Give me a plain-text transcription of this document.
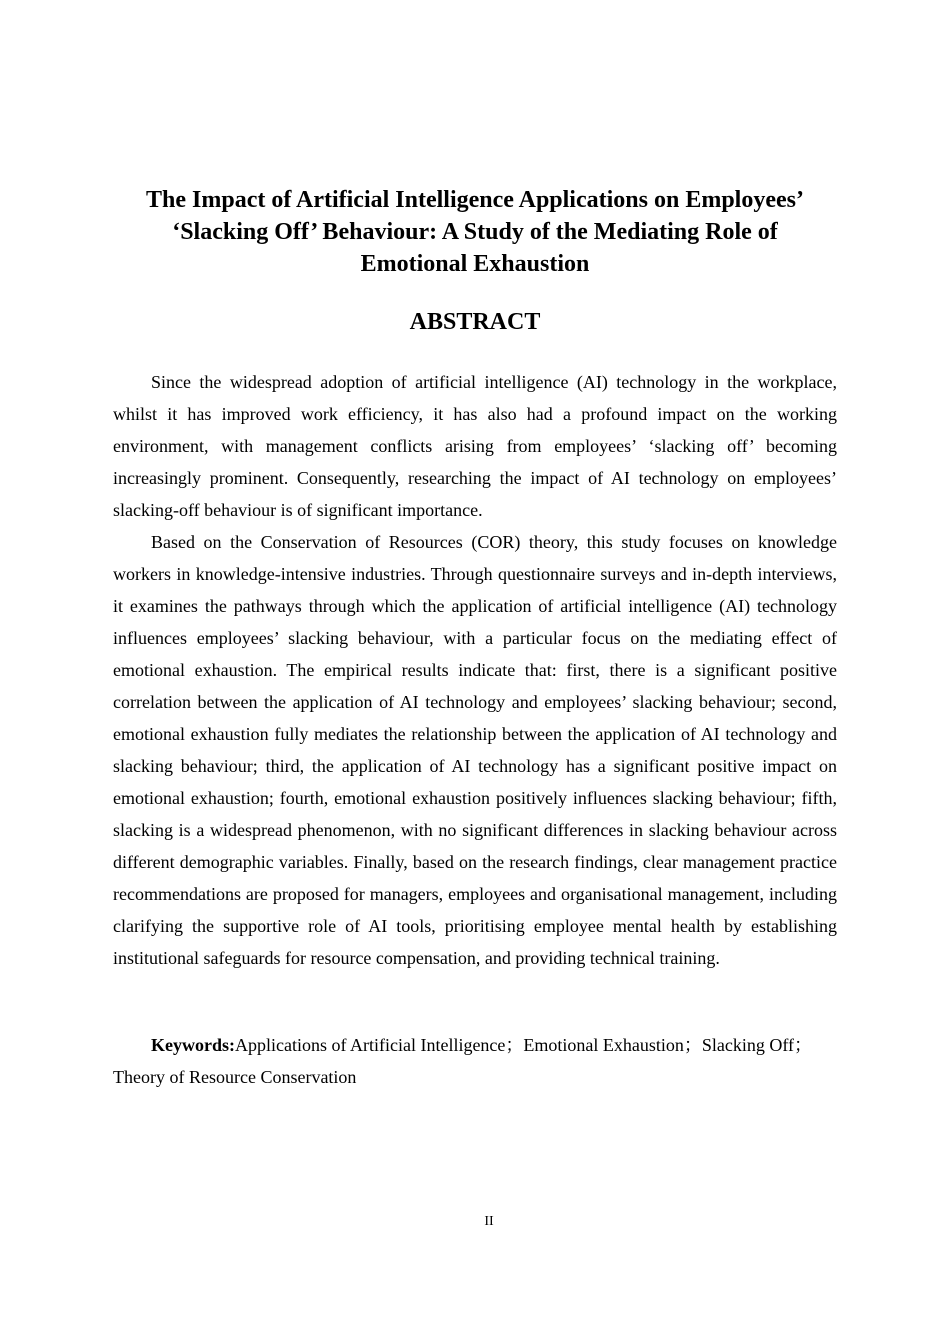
The Impact of Artificial Intelligence Applications on Employees’
‘Slacking Off’ Behaviour: A Study of the Mediating Role of
Emotional Exhaustion
ABSTRACT

Since the widespread adoption of artificial intelligence (AI) technology in the workplace, whilst it has improved work efficiency, it has also had a profound impact on the working environment, with management conflicts arising from employees’ ‘slacking off’ becoming increasingly prominent. Consequently, researching the impact of AI technology on employees’ slacking-off behaviour is of significant importance.

Based on the Conservation of Resources (COR) theory, this study focuses on knowledge workers in knowledge-intensive industries. Through questionnaire surveys and in-depth interviews, it examines the pathways through which the application of artificial intelligence (AI) technology influences employees’ slacking behaviour, with a particular focus on the mediating effect of emotional exhaustion. The empirical results indicate that: first, there is a significant positive correlation between the application of AI technology and employees’ slacking behaviour; second, emotional exhaustion fully mediates the relationship between the application of AI technology and slacking behaviour; third, the application of AI technology has a significant positive impact on emotional exhaustion; fourth, emotional exhaustion positively influences slacking behaviour; fifth, slacking is a widespread phenomenon, with no significant differences in slacking behaviour across different demographic variables. Finally, based on the research findings, clear management practice recommendations are proposed for managers, employees and organisational management, including clarifying the supportive role of AI tools, prioritising employee mental health by establishing institutional safeguards for resource compensation, and providing technical training.

Keywords:Applications of Artificial Intelligence；Emotional Exhaustion；Slacking Off；Theory of Resource Conservation

II
